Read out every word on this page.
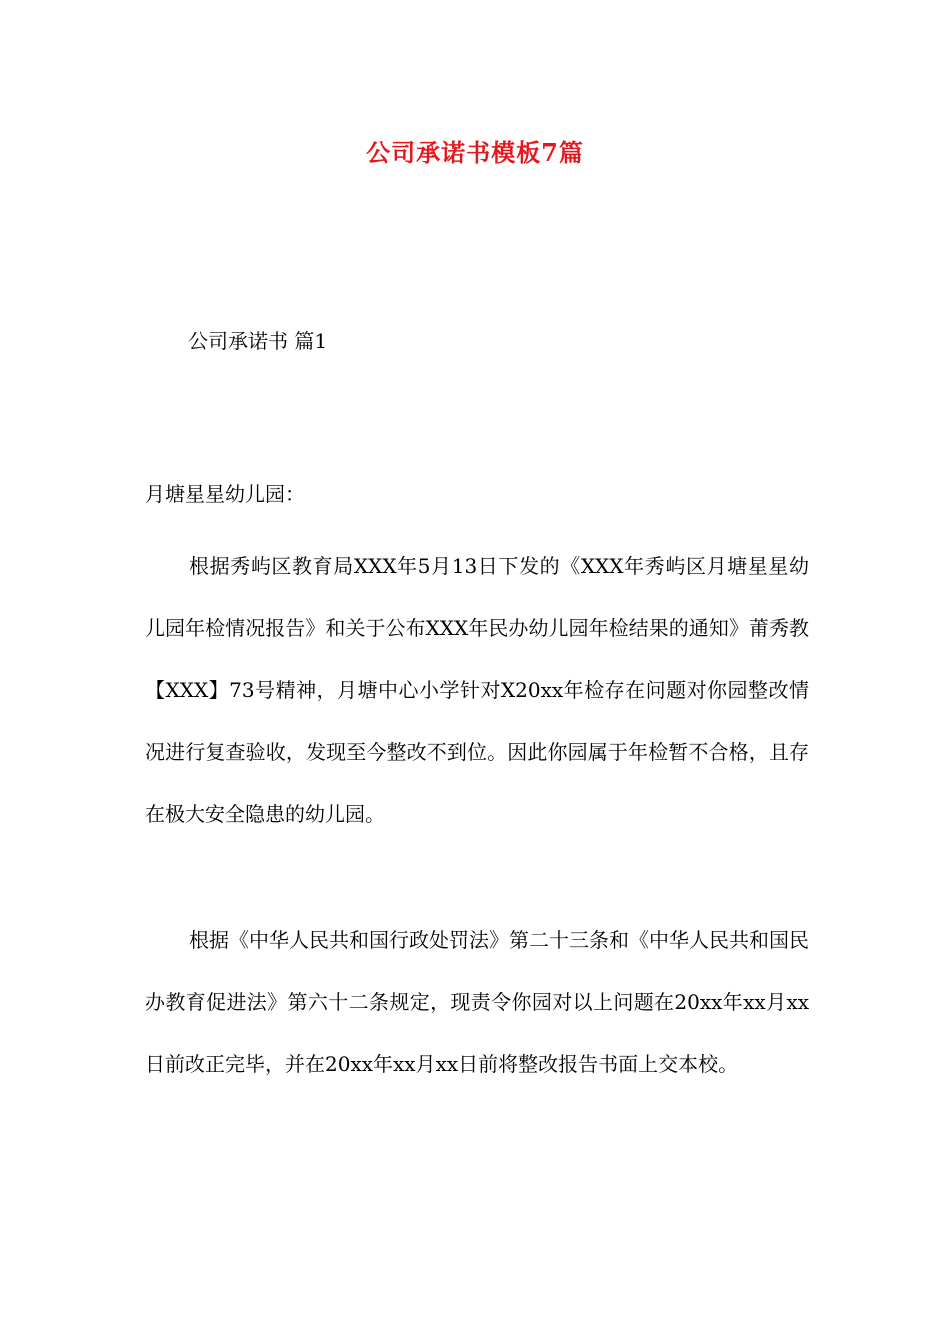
公司承诺书模板7篇
公司承诺书 篇1
月塘星星幼儿园：

根据秀屿区教育局XXX年5月13日下发的《XXX年秀屿区月塘星星幼儿园年检情况报告》和关于公布XXX年民办幼儿园年检结果的通知》莆秀教【XXX】73号精神，月塘中心小学针对X20xx年检存在问题对你园整改情况进行复查验收，发现至今整改不到位。因此你园属于年检暂不合格，且存在极大安全隐患的幼儿园。

根据《中华人民共和国行政处罚法》第二十三条和《中华人民共和国民办教育促进法》第六十二条规定，现责令你园对以上问题在20xx年xx月xx日前改正完毕，并在20xx年xx月xx日前将整改报告书面上交本校。
